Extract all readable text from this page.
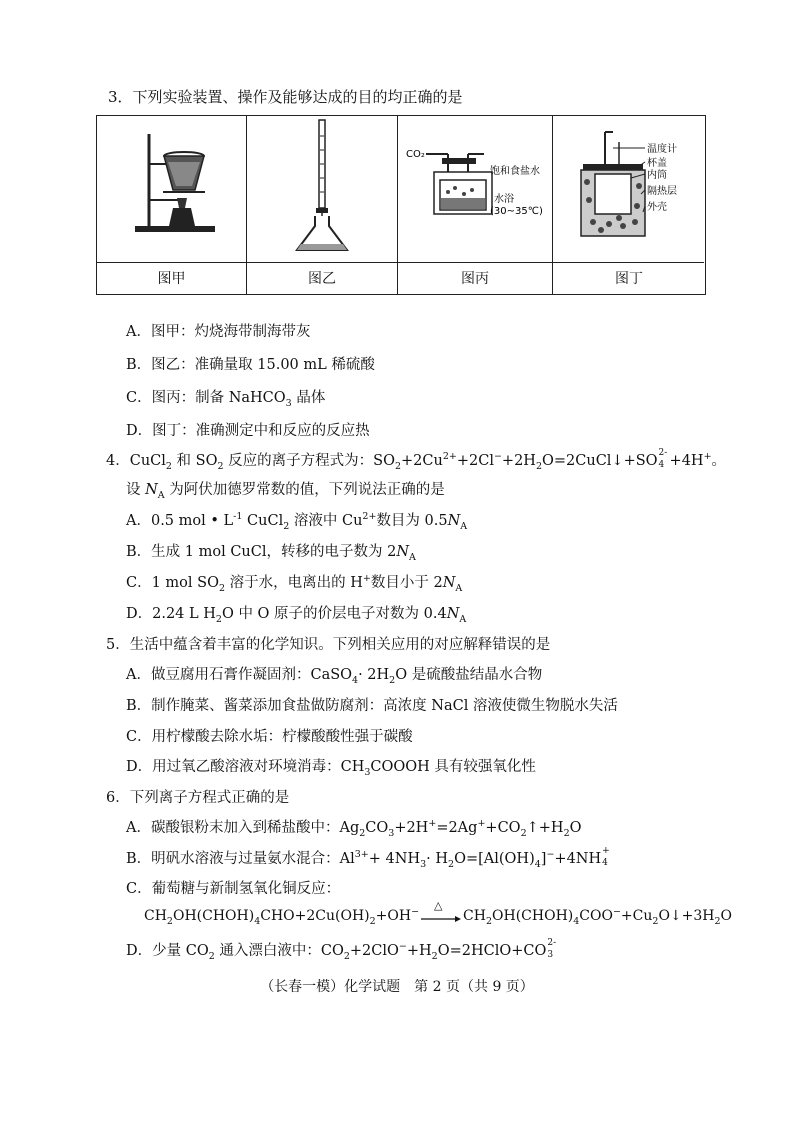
3．下列实验装置、操作及能够达成的目的均正确的是
CO₂
饱和食盐水
水浴
(30~35℃)
温度计
杯盖
内筒
隔热层
外壳
图甲	图乙	图丙	图丁
A．图甲：灼烧海带制海带灰
B．图乙：准确量取 15.00 mL 稀硫酸
C．图丙：制备 NaHCO$_3$ 晶体
D．图丁：准确测定中和反应的反应热
4．CuCl$_2$ 和 $SO_2$ 反应的离子方程式为：$SO_2+2Cu^{2+}+2Cl^-+2H_2O=2CuCl↓+SO$ 2-
4 +4H+。
设 $N_A$ 为阿伏加德罗常数的值，下列说法正确的是
A．0.5 mol • $L^{-1}$ CuCl$_2$ 溶液中 $Cu^{2+}$数目为 $0.5N_A$
B．生成 1 mol CuCl，转移的电子数为 $2N_A$
C．1 mol $SO_2$ 溶于水，电离出的 H+数目小于 $2N_A$
D．2.24 L $H_2O$ 中 O 原子的价层电子对数为 $0.4N_A$
5．生活中蕴含着丰富的化学知识。下列相关应用的对应解释错误的是
A．做豆腐用石膏作凝固剂：CaSO$_4$· $2H_2O$ 是硫酸盐结晶水合物
B．制作腌菜、酱菜添加食盐做防腐剂：高浓度 NaCl 溶液使微生物脱水失活
C．用柠檬酸去除水垢：柠檬酸酸性强于碳酸
D．用过氧乙酸溶液对环境消毒：$CH_3COOOH$ 具有较强氧化性
6．下列离子方程式正确的是
A．碳酸银粉末加入到稀盐酸中：$Ag_2CO_3+2H^+=2Ag^++CO_2↑+H_2O$
B．明矾水溶液与过量氨水混合：$Al^{3+}+ 4NH_3\cdot H_2O=[Al(OH)_4]^-+4NH$ +
4
C．葡萄糖与新制氢氧化铜反应：
$CH_2OH(CHOH)_4CHO+2Cu(OH)_2+OH^-$ △
$CH_2OH(CHOH)_4COO^-+Cu_2O↓+3H_2O$
D．少量 $CO_2$ 通入漂白液中：$CO_2+2ClO^-+H_2O=2HClO+CO$ 2-
3
（长春一模）化学试题　第 2 页（共 9 页）
